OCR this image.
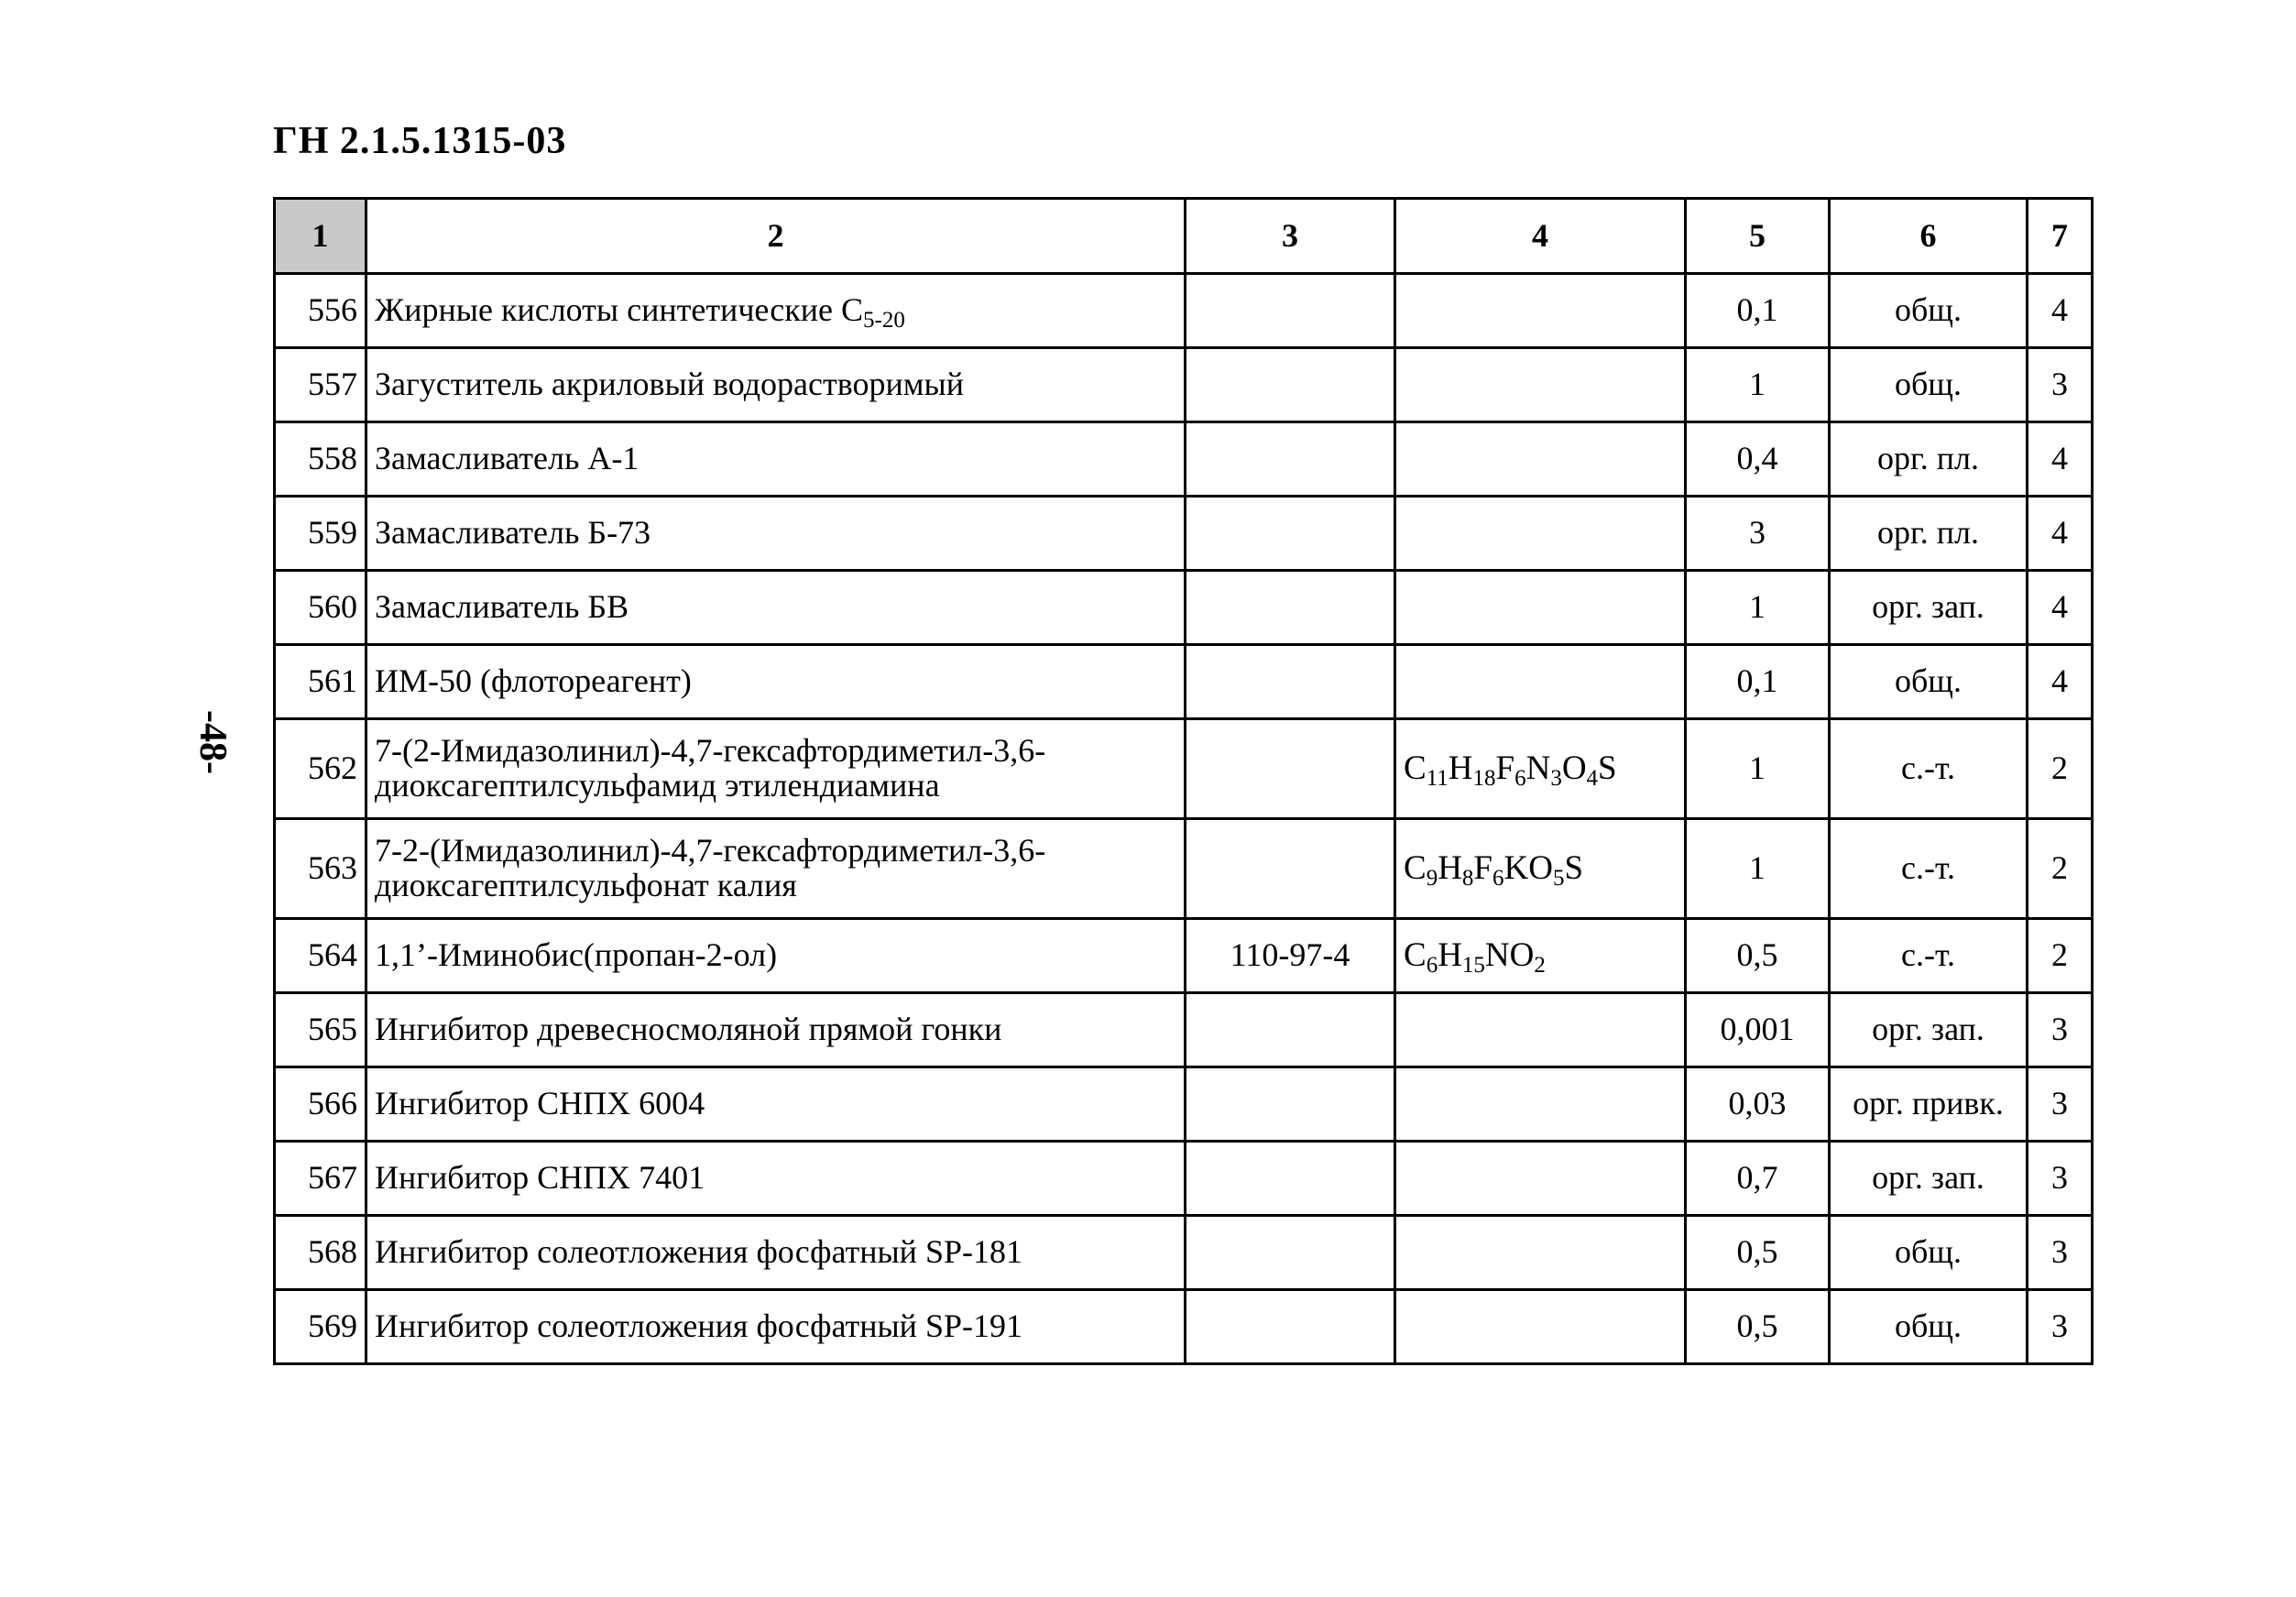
ГН 2.1.5.1315-03
-48-
1	2	3	4	5	6	7
556	Жирные кислоты синтетические $C_{5-20}$			0,1	общ.	4
557	Загуститель акриловый водорастворимый			1	общ.	3
558	Замасливатель А-1			0,4	орг. пл.	4
559	Замасливатель Б-73			3	орг. пл.	4
560	Замасливатель БВ			1	орг. зап.	4
561	ИМ-50 (флотореагент)			0,1	общ.	4
562	7-(2-Имидазолинил)-4,7-гексафтордиметил-3,6-диоксагептилсульфамид этилендиамина		$C_{11}H_{18}F_6N_3O_4S$	1	с.-т.	2
563	7-2-(Имидазолинил)-4,7-гексафтордиметил-3,6-диоксагептилсульфонат калия		$C_9H_8F_6KO_5S$	1	с.-т.	2
564	1,1’-Иминобис(пропан-2-ол)	110-97-4	$C_6H_{15}NO_2$	0,5	с.-т.	2
565	Ингибитор древесносмоляной прямой гонки			0,001	орг. зап.	3
566	Ингибитор СНПХ 6004			0,03	орг. привк.	3
567	Ингибитор СНПХ 7401			0,7	орг. зап.	3
568	Ингибитор солеотложения фосфатный SP-181			0,5	общ.	3
569	Ингибитор солеотложения фосфатный SP-191			0,5	общ.	3
